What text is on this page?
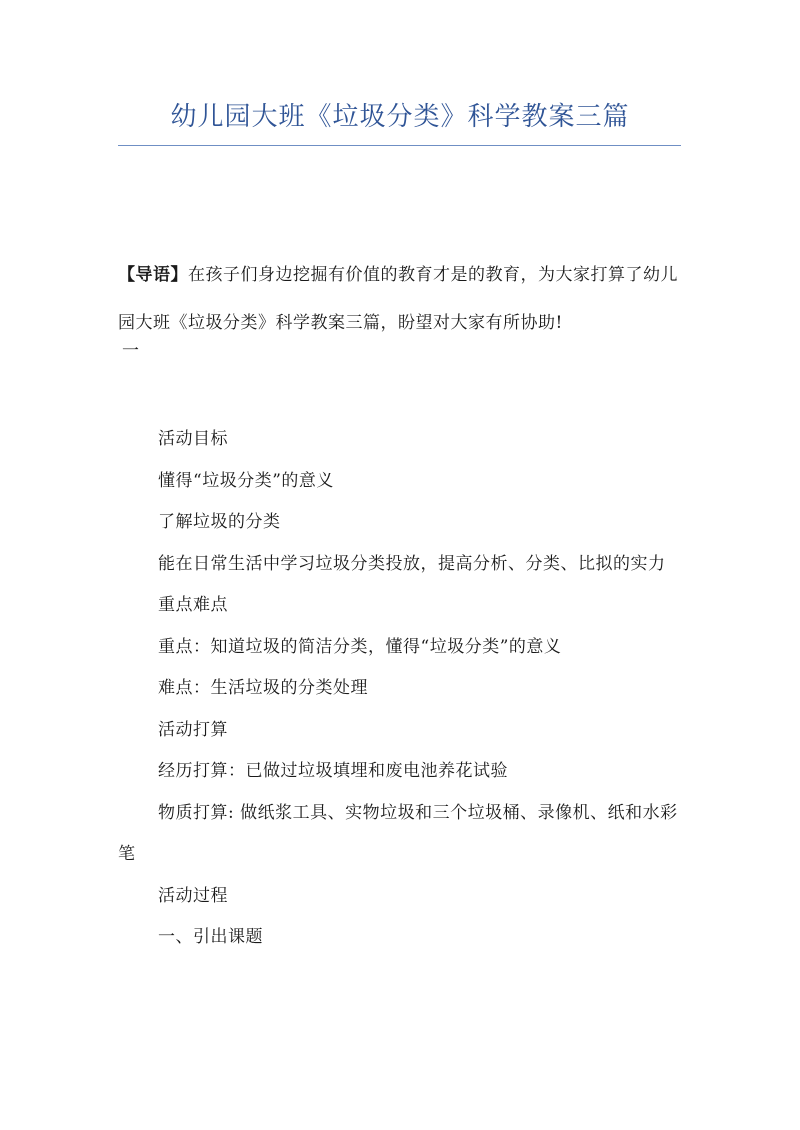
幼儿园大班《垃圾分类》科学教案三篇
【导语】在孩子们身边挖掘有价值的教育才是的教育，为大家打算了幼儿园大班《垃圾分类》科学教案三篇，盼望对大家有所协助!
一

活动目标

懂得“垃圾分类”的意义

了解垃圾的分类

能在日常生活中学习垃圾分类投放，提高分析、分类、比拟的实力

重点难点

重点：知道垃圾的简洁分类，懂得“垃圾分类”的意义

难点：生活垃圾的分类处理

活动打算

经历打算：已做过垃圾填埋和废电池养花试验

物质打算: 做纸浆工具、实物垃圾和三个垃圾桶、录像机、纸和水彩笔

活动过程

一、引出课题
